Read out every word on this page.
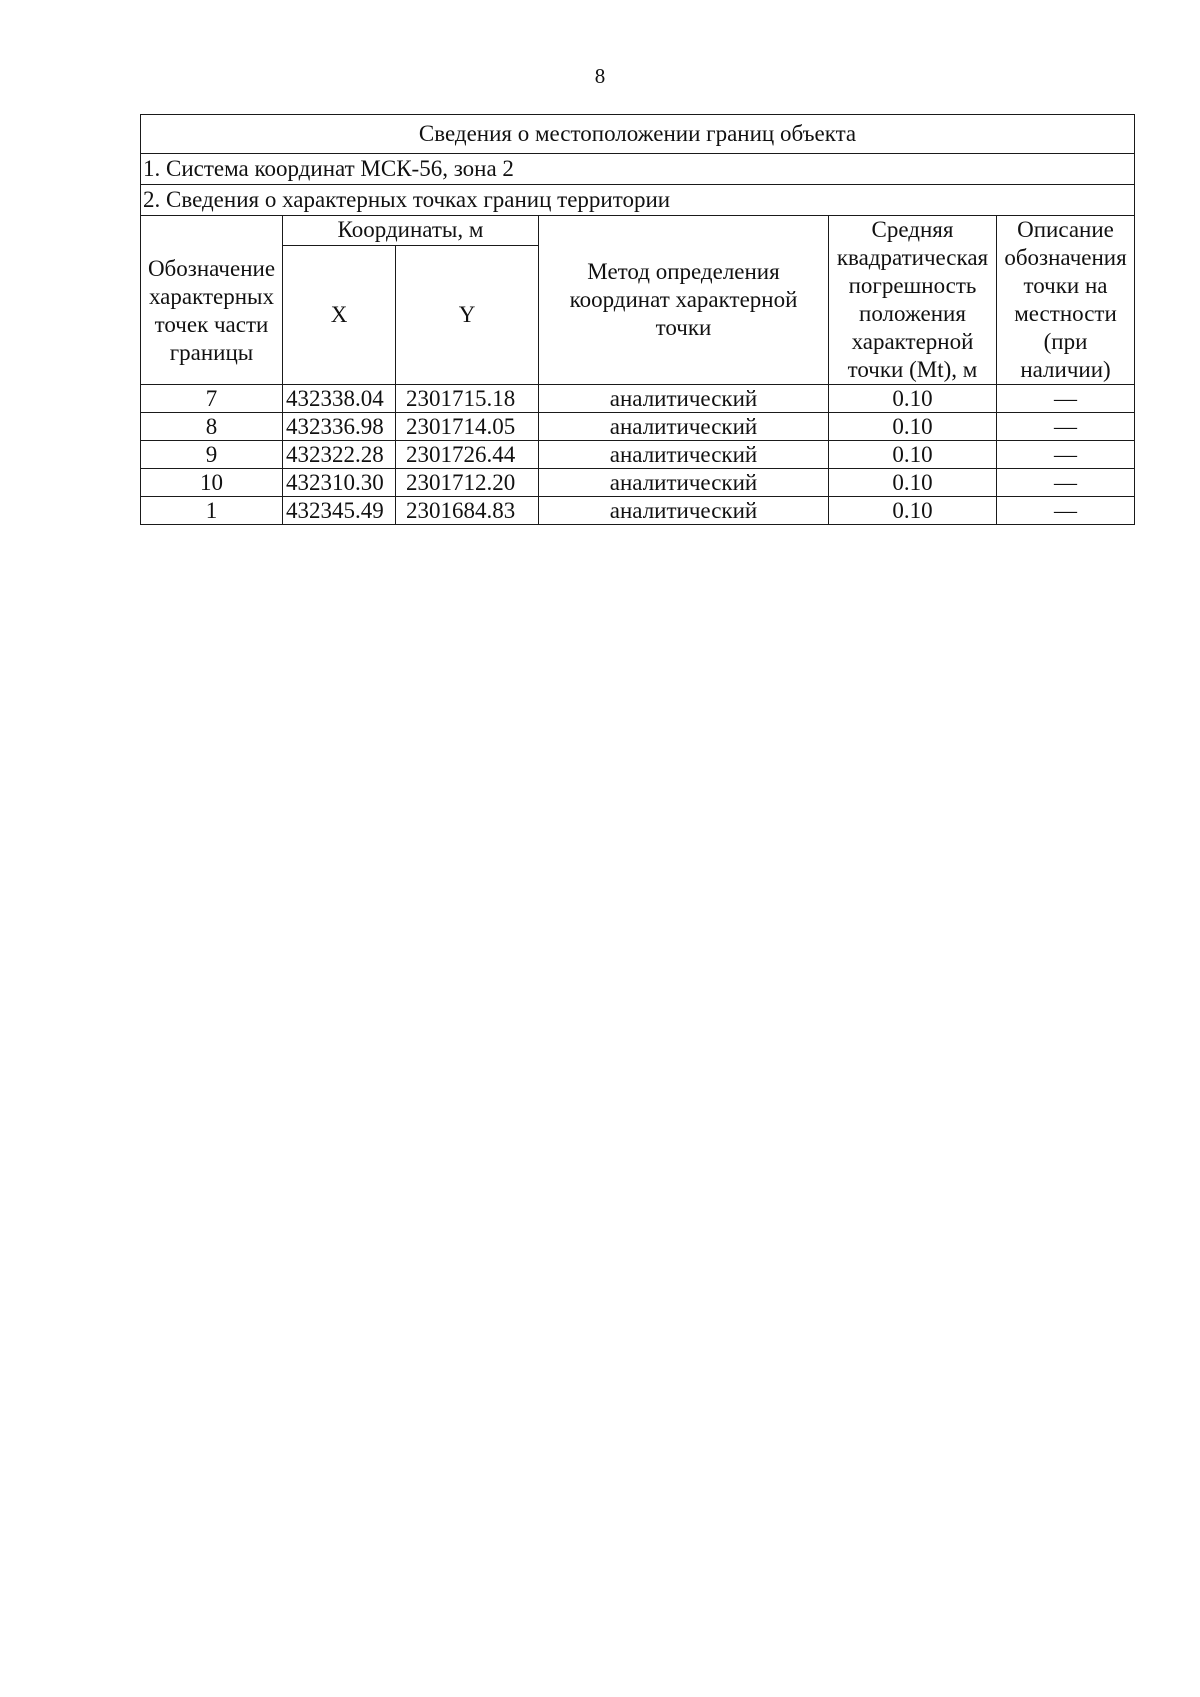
8
Сведения о местоположении границ объекта					
1. Система координат МСК-56, зона 2					
2. Сведения о характерных точках границ территории					
Обозначение характерных точек части границы	Координаты, м		Метод определения координат характерной точки	Средняя квадратическая погрешность положения характерной точки (Mt), м	Описание обозначения точки на местности (при наличии)
	X	Y			
7	432338.04	2301715.18	аналитический	0.10	—
8	432336.98	2301714.05	аналитический	0.10	—
9	432322.28	2301726.44	аналитический	0.10	—
10	432310.30	2301712.20	аналитический	0.10	—
1	432345.49	2301684.83	аналитический	0.10	—
